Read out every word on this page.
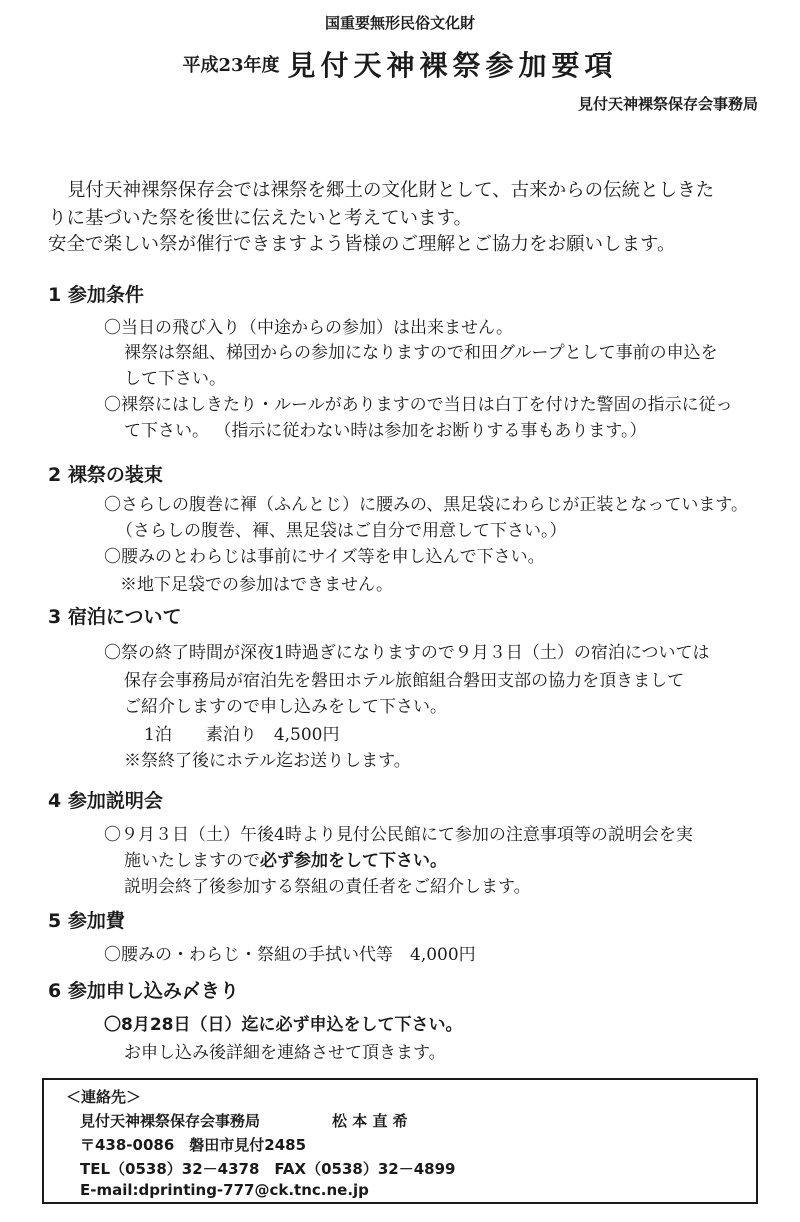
国重要無形民俗文化財
平成23年度 見付天神裸祭参加要項
見付天神裸祭保存会事務局
見付天神裸祭保存会では裸祭を郷土の文化財として、古来からの伝統としきた
りに基づいた祭を後世に伝えたいと考えています。
安全で楽しい祭が催行できますよう皆様のご理解とご協力をお願いします。
1 参加条件
〇当日の飛び入り（中途からの参加）は出来ません。
裸祭は祭組、梯団からの参加になりますので和田グループとして事前の申込を
して下さい。
〇裸祭にはしきたり・ルールがありますので当日は白丁を付けた警固の指示に従っ
て下さい。 （指示に従わない時は参加をお断りする事もあります。）
2 裸祭の装束
〇さらしの腹巻に褌（ふんとじ）に腰みの、黒足袋にわらじが正装となっています。
（さらしの腹巻、褌、黒足袋はご自分で用意して下さい。）
〇腰みのとわらじは事前にサイズ等を申し込んで下さい。
※地下足袋での参加はできません。
3 宿泊について
〇祭の終了時間が深夜1時過ぎになりますので９月３日（土）の宿泊については
保存会事務局が宿泊先を磐田ホテル旅館組合磐田支部の協力を頂きまして
ご紹介しますので申し込みをして下さい。
1泊　　素泊り　4,500円
※祭終了後にホテル迄お送りします。
4 参加説明会
〇９月３日（土）午後4時より見付公民館にて参加の注意事項等の説明会を実
施いたしますので必ず参加をして下さい。
説明会終了後参加する祭組の責任者をご紹介します。
5 参加費
〇腰みの・わらじ・祭組の手拭い代等　4,000円
6 参加申し込み〆きり
〇8月28日（日）迄に必ず申込をして下さい。
お申し込み後詳細を連絡させて頂きます。
＜連絡先＞
見付天神裸祭保存会事務局	松 本 直 希
〒438-0086　磐田市見付2485
TEL（0538）32－4378　FAX（0538）32－4899
E-mail:dprinting-777@ck.tnc.ne.jp
